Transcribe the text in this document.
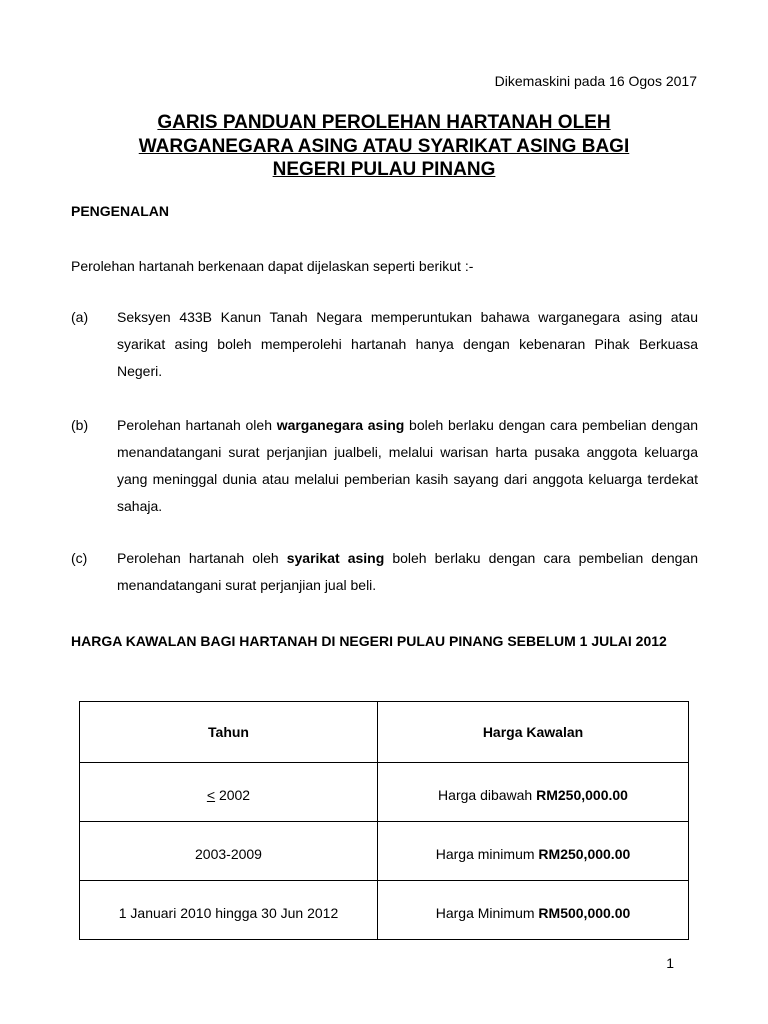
Dikemaskini pada 16 Ogos 2017
GARIS PANDUAN PEROLEHAN HARTANAH OLEH
WARGANEGARA ASING ATAU SYARIKAT ASING BAGI
NEGERI PULAU PINANG
PENGENALAN
Perolehan hartanah berkenaan dapat dijelaskan seperti berikut :-
(a) Seksyen 433B Kanun Tanah Negara memperuntukan bahawa warganegara asing atau syarikat asing boleh memperolehi hartanah hanya dengan kebenaran Pihak Berkuasa Negeri.
(b) Perolehan hartanah oleh warganegara asing boleh berlaku dengan cara pembelian dengan menandatangani surat perjanjian jualbeli, melalui warisan harta pusaka anggota keluarga yang meninggal dunia atau melalui pemberian kasih sayang dari anggota keluarga terdekat sahaja.
(c) Perolehan hartanah oleh syarikat asing boleh berlaku dengan cara pembelian dengan menandatangani surat perjanjian jual beli.
HARGA KAWALAN BAGI HARTANAH DI NEGERI PULAU PINANG SEBELUM 1 JULAI 2012
Tahun	Harga Kawalan
≤ 2002	Harga dibawah RM250,000.00
2003-2009	Harga minimum RM250,000.00
1 Januari 2010 hingga 30 Jun 2012	Harga Minimum RM500,000.00
1
